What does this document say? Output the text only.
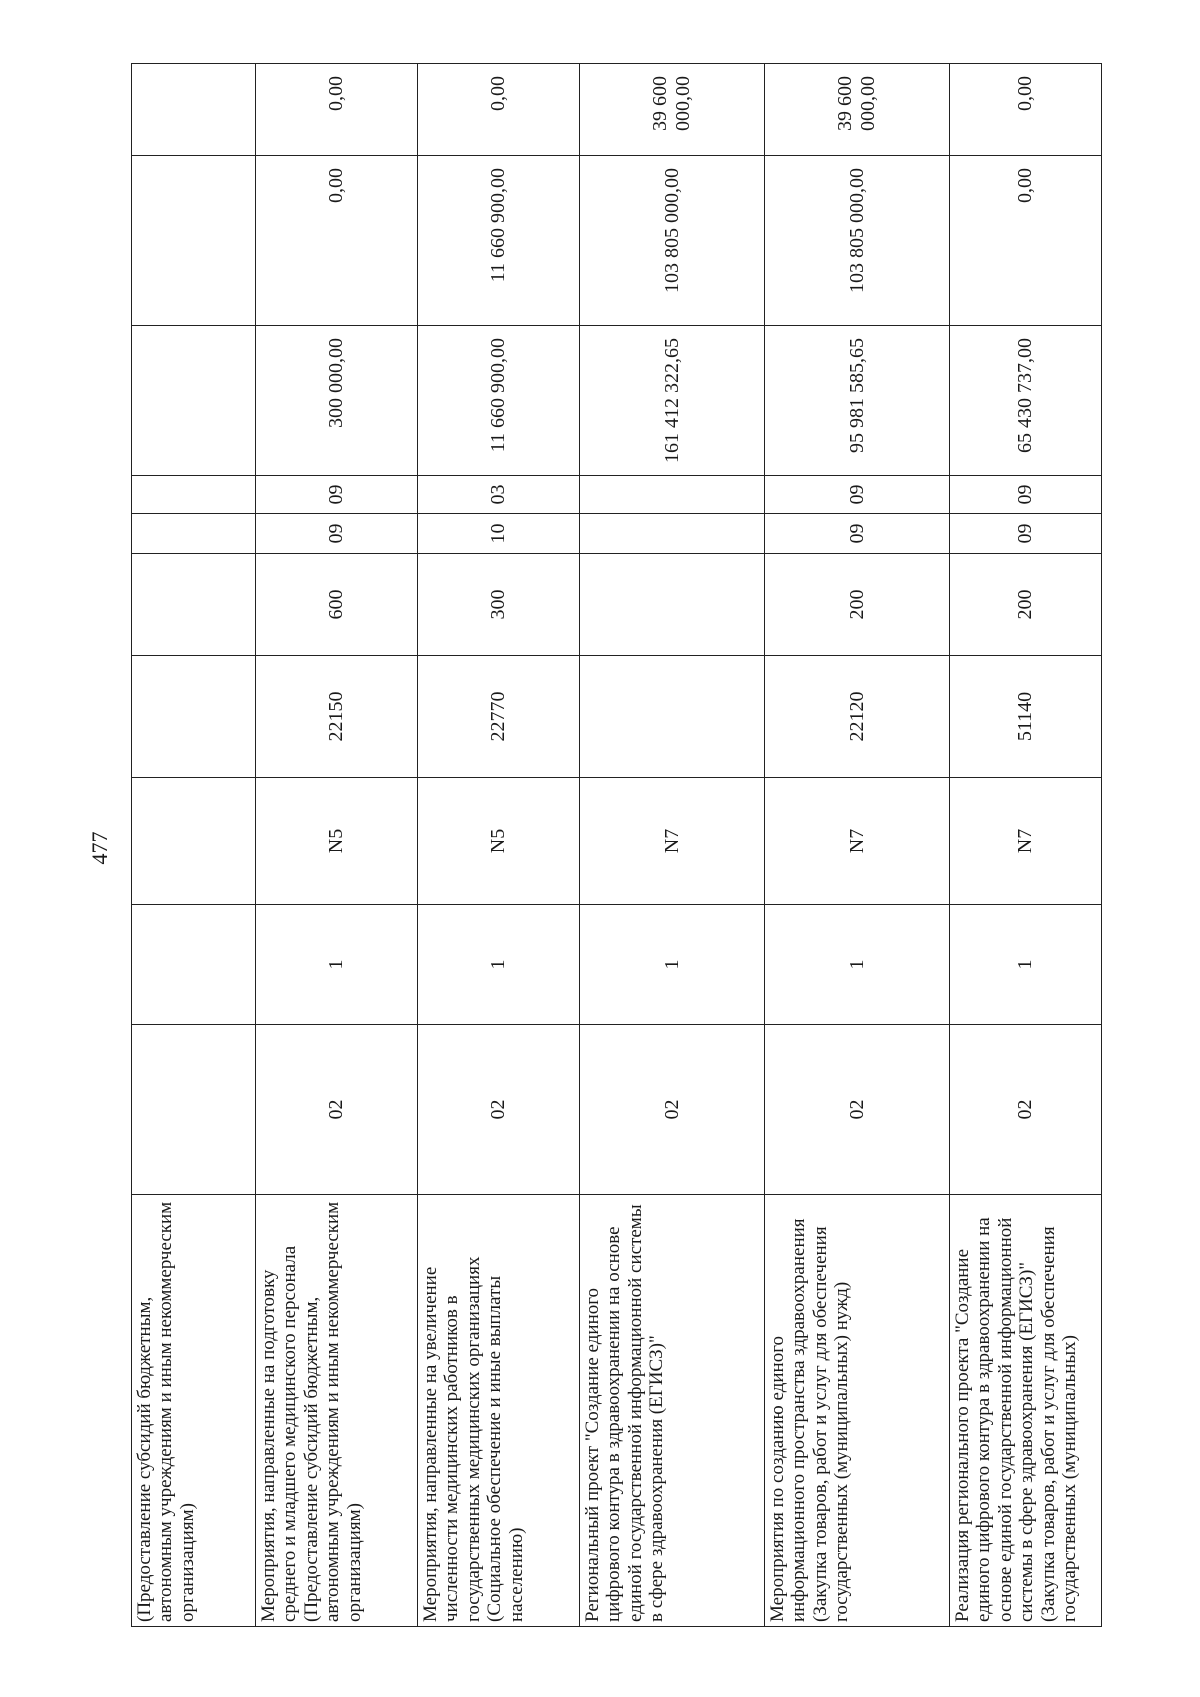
477
(Предоставление субсидий бюджетным, автономным учреждениям и иным некоммерческим организациям)										
Мероприятия, направленные на подготовку среднего и младшего медицинского персонала (Предоставление субсидий бюджетным, автономным учреждениям и иным некоммерческим организациям)	02	1	N5	22150	600	09	09	300 000,00	0,00	0,00
Мероприятия, направленные на увеличение численности медицинских работников в государственных медицинских организациях (Социальное обеспечение и иные выплаты населению)	02	1	N5	22770	300	10	03	11 660 900,00	11 660 900,00	0,00
Региональный проект "Создание единого цифрового контура в здравоохранении на основе единой государственной информационной системы в сфере здравоохранения (ЕГИСЗ)"	02	1	N7					161 412 322,65	103 805 000,00	39 600 000,00
Мероприятия по созданию единого информационного пространства здравоохранения (Закупка товаров, работ и услуг для обеспечения государственных (муниципальных) нужд)	02	1	N7	22120	200	09	09	95 981 585,65	103 805 000,00	39 600 000,00
Реализация регионального проекта "Создание единого цифрового контура в здравоохранении на основе единой государственной информационной системы в сфере здравоохранения (ЕГИСЗ)" (Закупка товаров, работ и услуг для обеспечения государственных (муниципальных)	02	1	N7	51140	200	09	09	65 430 737,00	0,00	0,00
